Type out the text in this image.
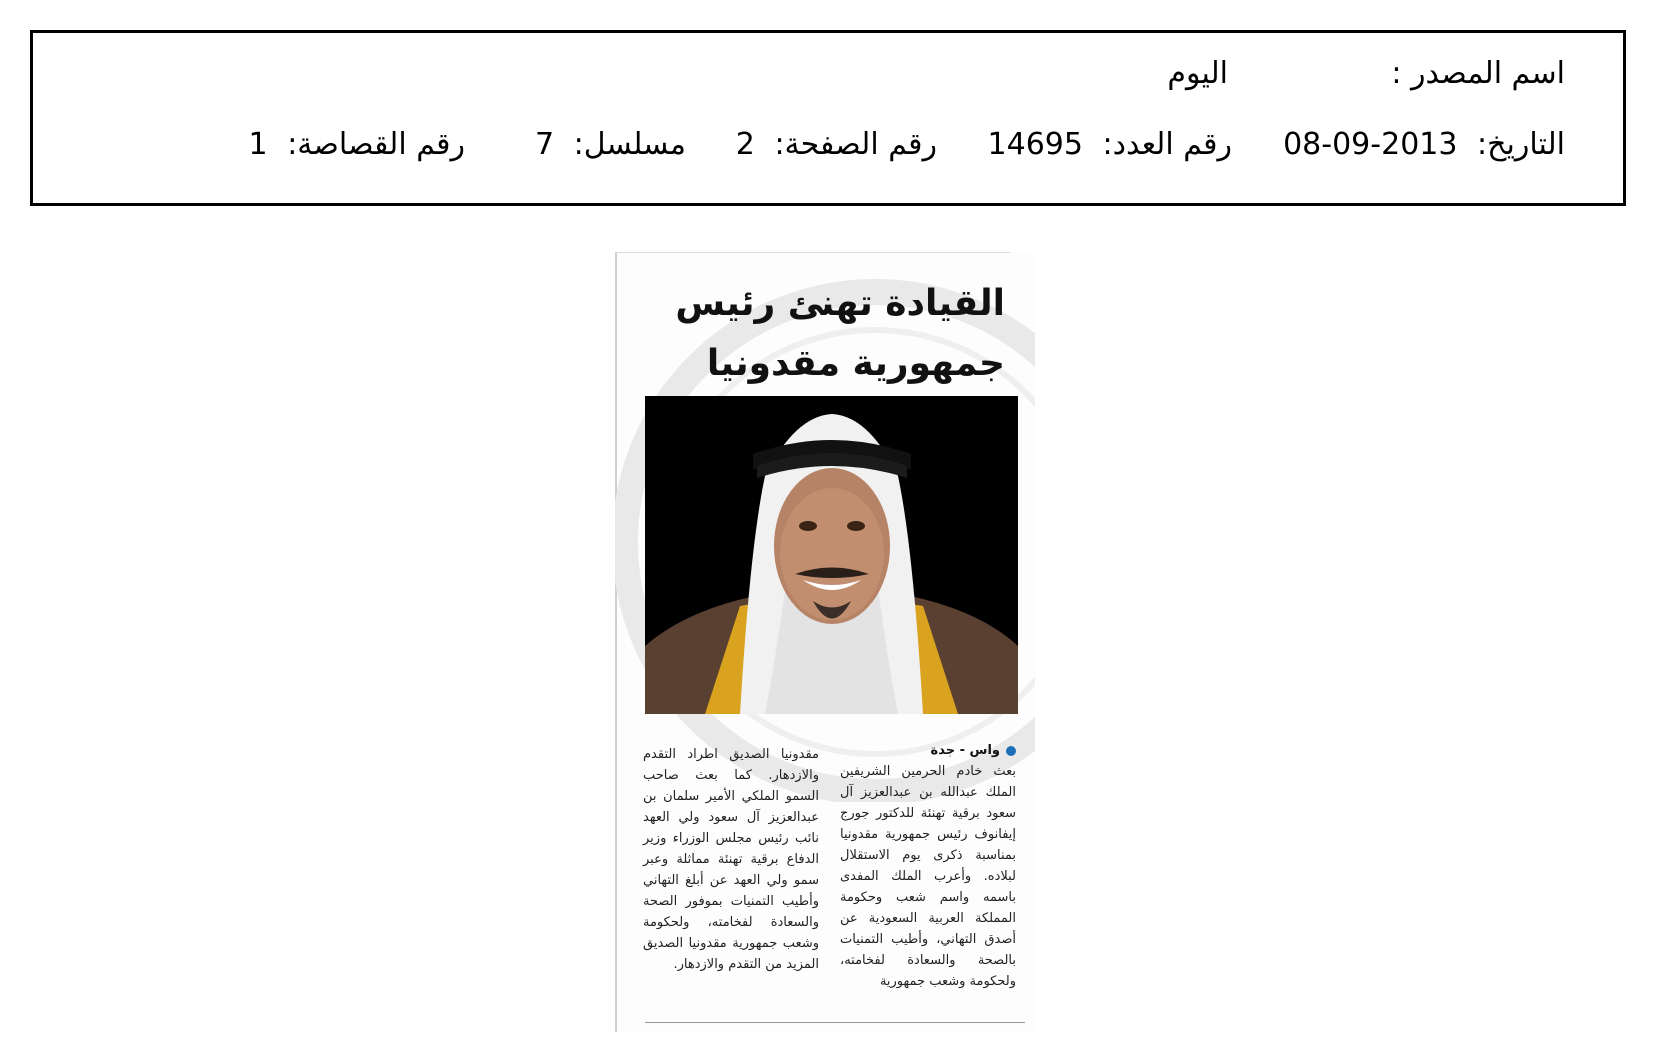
اسم المصدر :
اليوم
التاريخ: 2013-09-08
رقم العدد: 14695
رقم الصفحة: 2
مسلسل: 7
رقم القصاصة: 1
القيادة تهنئ رئيس جمهورية مقدونيا
واس - جدة
بعث خادم الحرمين الشريفين الملك عبدالله بن عبدالعزيز آل سعود برقية تهنئة للدكتور جورج إيفانوف رئيس جمهورية مقدونيا بمناسبة ذكرى يوم الاستقلال لبلاده. وأعرب الملك المفدى باسمه واسم شعب وحكومة المملكة العربية السعودية عن أصدق التهاني، وأطيب التمنيات بالصحة والسعادة لفخامته، ولحكومة وشعب جمهورية
مقدونيا الصديق اطراد التقدم والازدهار. كما بعث صاحب السمو الملكي الأمير سلمان بن عبدالعزيز آل سعود ولي العهد نائب رئيس مجلس الوزراء وزير الدفاع برقية تهنئة مماثلة وعبر سمو ولي العهد عن أبلغ التهاني وأطيب التمنيات بموفور الصحة والسعادة لفخامته، ولحكومة وشعب جمهورية مقدونيا الصديق المزيد من التقدم والازدهار.
